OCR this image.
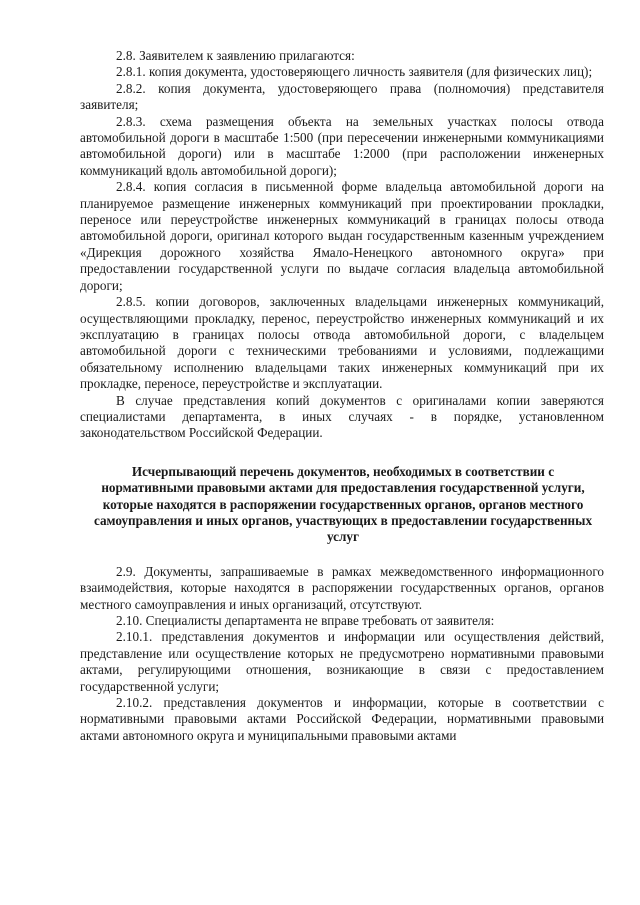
2.8. Заявителем к заявлению прилагаются:

2.8.1. копия документа, удостоверяющего личность заявителя (для физических лиц);

2.8.2. копия документа, удостоверяющего права (полномочия) представителя заявителя;

2.8.3. схема размещения объекта на земельных участках полосы отвода автомобильной дороги в масштабе 1:500 (при пересечении инженерными коммуникациями автомобильной дороги) или в масштабе 1:2000 (при расположении инженерных коммуникаций вдоль автомобильной дороги);

2.8.4. копия согласия в письменной форме владельца автомобильной дороги на планируемое размещение инженерных коммуникаций при проектировании прокладки, переносе или переустройстве инженерных коммуникаций в границах полосы отвода автомобильной дороги, оригинал которого выдан государственным казенным учреждением «Дирекция дорожного хозяйства Ямало-Ненецкого автономного округа» при предоставлении государственной услуги по выдаче согласия владельца автомобильной дороги;

2.8.5. копии договоров, заключенных владельцами инженерных коммуникаций, осуществляющими прокладку, перенос, переустройство инженерных коммуникаций и их эксплуатацию в границах полосы отвода автомобильной дороги, с владельцем автомобильной дороги с техническими требованиями и условиями, подлежащими обязательному исполнению владельцами таких инженерных коммуникаций при их прокладке, переносе, переустройстве и эксплуатации.

В случае представления копий документов с оригиналами копии заверяются специалистами департамента, в иных случаях - в порядке, установленном законодательством Российской Федерации.

Исчерпывающий перечень документов, необходимых в соответствии с нормативными правовыми актами для предоставления государственной услуги, которые находятся в распоряжении государственных органов, органов местного самоуправления и иных органов, участвующих в предоставлении государственных услуг

2.9. Документы, запрашиваемые в рамках межведомственного информационного взаимодействия, которые находятся в распоряжении государственных органов, органов местного самоуправления и иных организаций, отсутствуют.

2.10. Специалисты департамента не вправе требовать от заявителя:

2.10.1. представления документов и информации или осуществления действий, представление или осуществление которых не предусмотрено нормативными правовыми актами, регулирующими отношения, возникающие в связи с предоставлением государственной услуги;

2.10.2. представления документов и информации, которые в соответствии с нормативными правовыми актами Российской Федерации, нормативными правовыми актами автономного округа и муниципальными правовыми актами
